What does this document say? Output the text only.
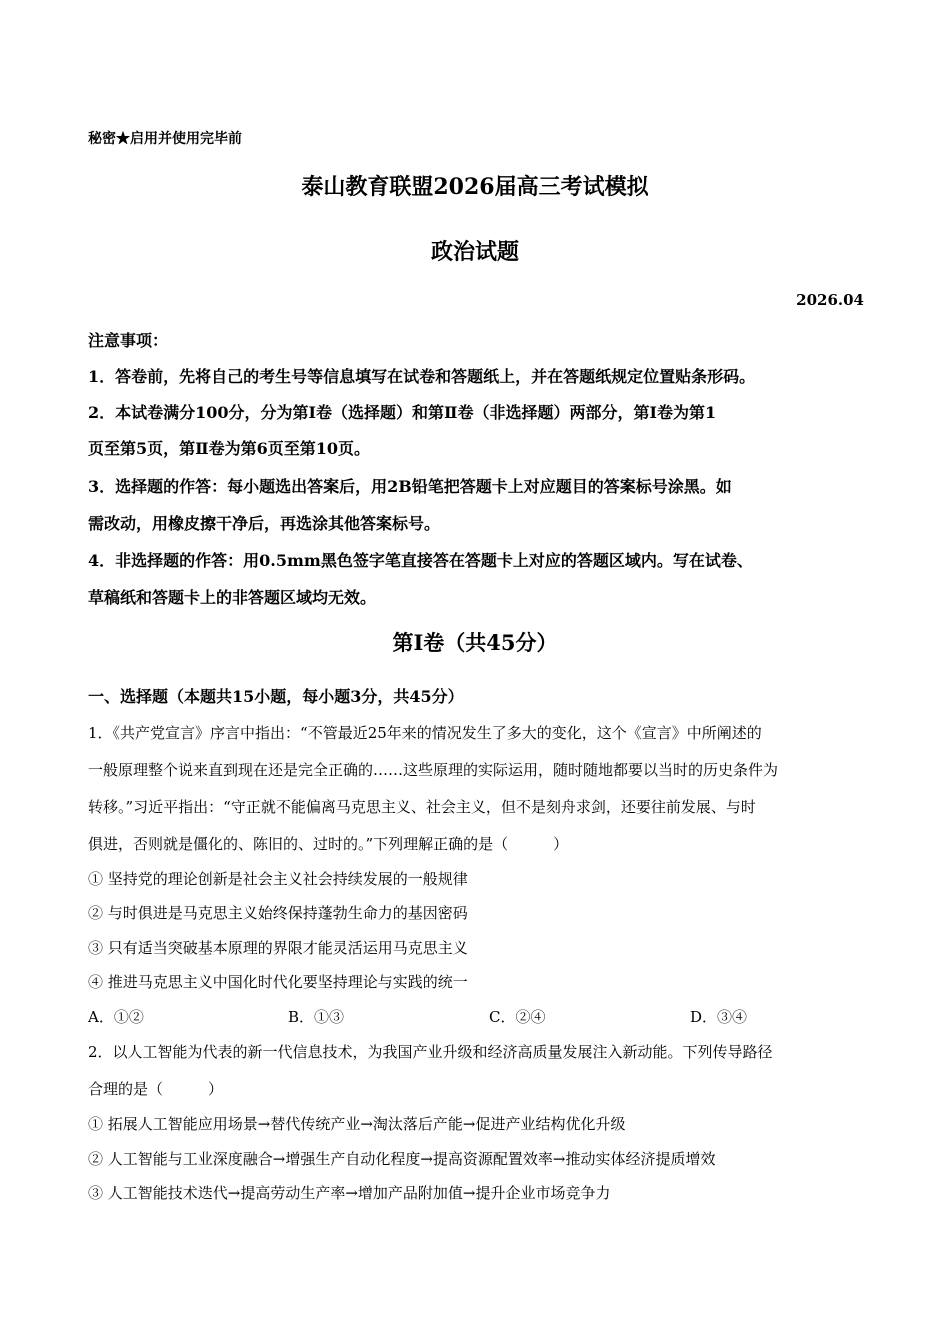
秘密★启用并使用完毕前
泰山教育联盟2026届高三考试模拟
政治试题
2026.04
注意事项：
1．答卷前，先将自己的考生号等信息填写在试卷和答题纸上，并在答题纸规定位置贴条形码。
2．本试卷满分100分，分为第Ⅰ卷（选择题）和第Ⅱ卷（非选择题）两部分，第Ⅰ卷为第1
页至第5页，第Ⅱ卷为第6页至第10页。
3．选择题的作答：每小题选出答案后，用2B铅笔把答题卡上对应题目的答案标号涂黑。如
需改动，用橡皮擦干净后，再选涂其他答案标号。
4．非选择题的作答：用0.5mm黑色签字笔直接答在答题卡上对应的答题区域内。写在试卷、
草稿纸和答题卡上的非答题区域均无效。
第Ⅰ卷（共45分）
一、选择题（本题共15小题，每小题3分，共45分）
1．《共产党宣言》序言中指出：“不管最近25年来的情况发生了多大的变化，这个《宣言》中所阐述的
一般原理整个说来直到现在还是完全正确的……这些原理的实际运用，随时随地都要以当时的历史条件为
转移。”习近平指出：“守正就不能偏离马克思主义、社会主义，但不是刻舟求剑，还要往前发展、与时
俱进，否则就是僵化的、陈旧的、过时的。”下列理解正确的是（　　　）
① 坚持党的理论创新是社会主义社会持续发展的一般规律
② 与时俱进是马克思主义始终保持蓬勃生命力的基因密码
③ 只有适当突破基本原理的界限才能灵活运用马克思主义
④ 推进马克思主义中国化时代化要坚持理论与实践的统一
A．①②	B．①③	C．②④	D．③④
2．以人工智能为代表的新一代信息技术，为我国产业升级和经济高质量发展注入新动能。下列传导路径
合理的是（　　　）
① 拓展人工智能应用场景→替代传统产业→淘汰落后产能→促进产业结构优化升级
② 人工智能与工业深度融合→增强生产自动化程度→提高资源配置效率→推动实体经济提质增效
③ 人工智能技术迭代→提高劳动生产率→增加产品附加值→提升企业市场竞争力
